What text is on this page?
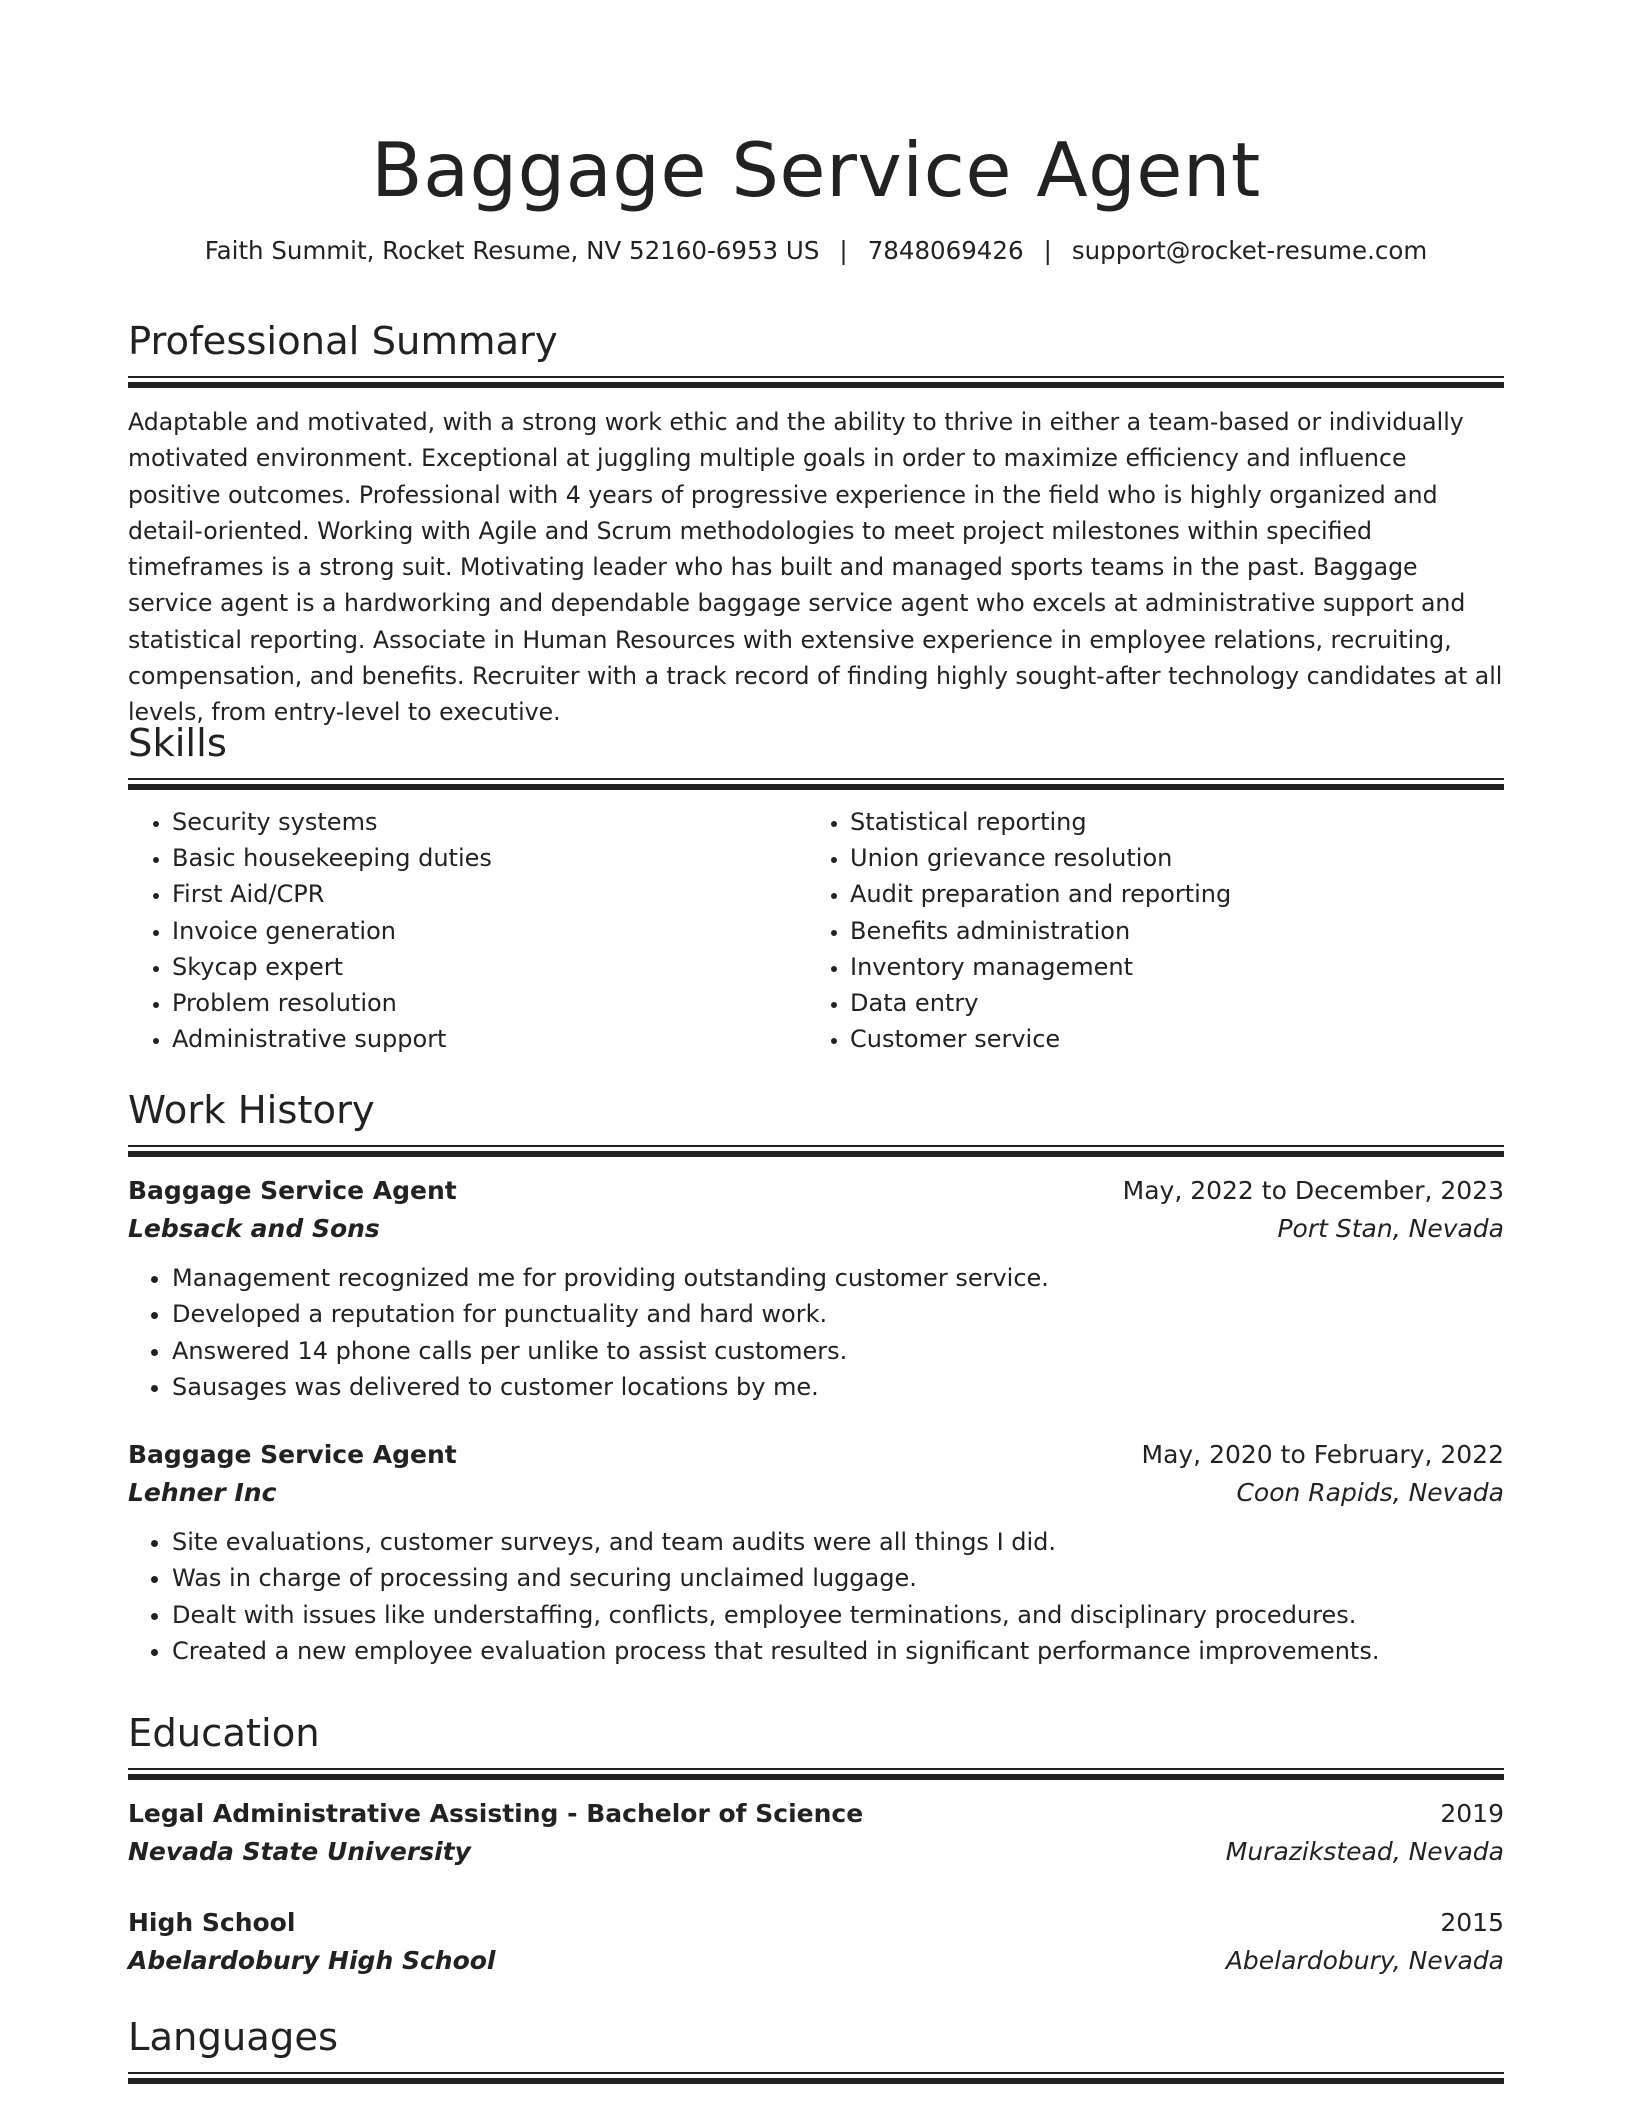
Baggage Service Agent
Faith Summit, Rocket Resume, NV 52160-6953 US | 7848069426 | support@rocket-resume.com
Professional Summary

Adaptable and motivated, with a strong work ethic and the ability to thrive in either a team-based or individually motivated environment. Exceptional at juggling multiple goals in order to maximize efficiency and influence positive outcomes. Professional with 4 years of progressive experience in the field who is highly organized and detail-oriented. Working with Agile and Scrum methodologies to meet project milestones within specified timeframes is a strong suit. Motivating leader who has built and managed sports teams in the past. Baggage service agent is a hardworking and dependable baggage service agent who excels at administrative support and statistical reporting. Associate in Human Resources with extensive experience in employee relations, recruiting, compensation, and benefits. Recruiter with a track record of finding highly sought-after technology candidates at all levels, from entry-level to executive.

Skills
• Security systems
• Basic housekeeping duties
• First Aid/CPR
• Invoice generation
• Skycap expert
• Problem resolution
• Administrative support
• Statistical reporting
• Union grievance resolution
• Audit preparation and reporting
• Benefits administration
• Inventory management
• Data entry
• Customer service
Work History
Baggage Service Agent	May, 2022 to December, 2023
Lebsack and Sons	Port Stan, Nevada
• Management recognized me for providing outstanding customer service.
• Developed a reputation for punctuality and hard work.
• Answered 14 phone calls per unlike to assist customers.
• Sausages was delivered to customer locations by me.
Baggage Service Agent	May, 2020 to February, 2022
Lehner Inc	Coon Rapids, Nevada
• Site evaluations, customer surveys, and team audits were all things I did.
• Was in charge of processing and securing unclaimed luggage.
• Dealt with issues like understaffing, conflicts, employee terminations, and disciplinary procedures.
• Created a new employee evaluation process that resulted in significant performance improvements.
Education
Legal Administrative Assisting - Bachelor of Science	2019
Nevada State University	Murazikstead, Nevada
High School	2015
Abelardobury High School	Abelardobury, Nevada
Languages
